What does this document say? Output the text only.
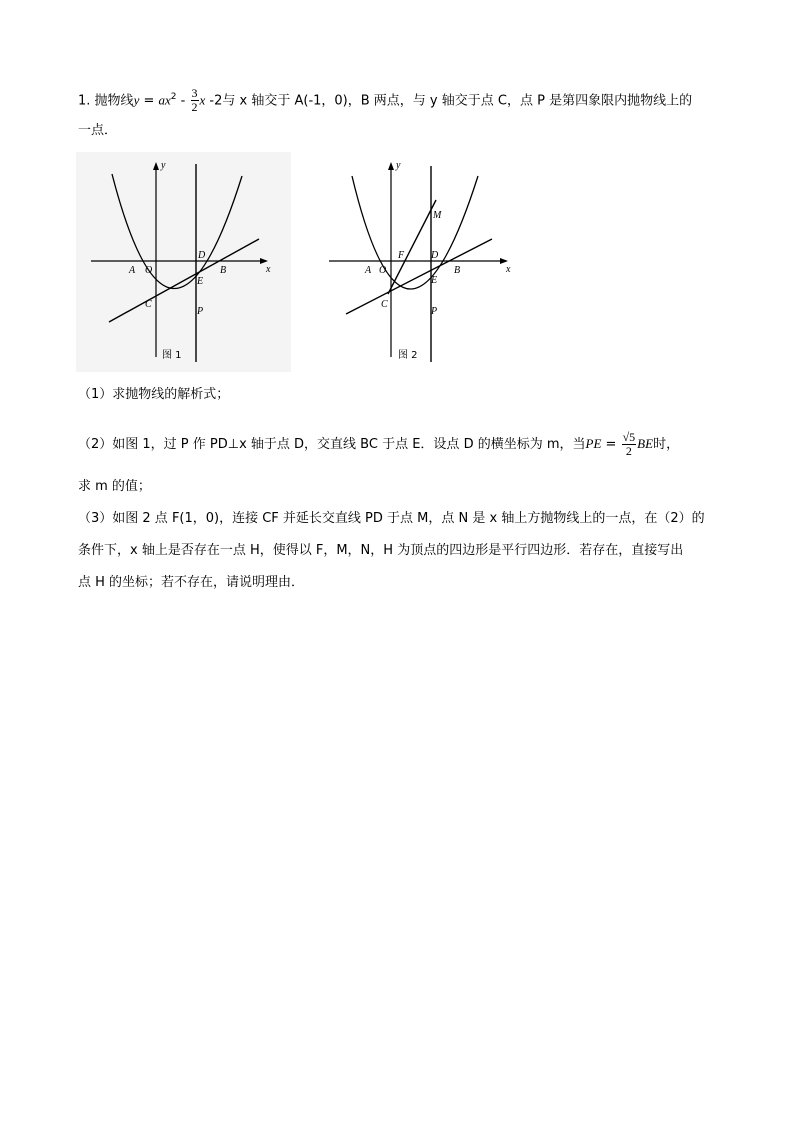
1. 抛物线$y = ax^2 - \frac{3}{2}$ x -2与 x 轴交于 A(-1，0)，B 两点，与 y 轴交于点 C，点 P 是第四象限内抛物线上的
一点．
y
x
A O
D
B
E
C
P
图 1
y
x
M
F	D
A O	B
E
C
P
图 2
（1）求抛物线的解析式；
（2）如图 1，过 P 作 PD⊥x 轴于点 D，交直线 BC 于点 E．设点 D 的横坐标为 m，当PE = $\frac{√5}{2}$ BE时，
求 m 的值；
（3）如图 2 点 F(1，0)，连接 CF 并延长交直线 PD 于点 M，点 N 是 x 轴上方抛物线上的一点，在（2）的
条件下，x 轴上是否存在一点 H，使得以 F，M，N，H 为顶点的四边形是平行四边形．若存在，直接写出
点 H 的坐标；若不存在，请说明理由．
